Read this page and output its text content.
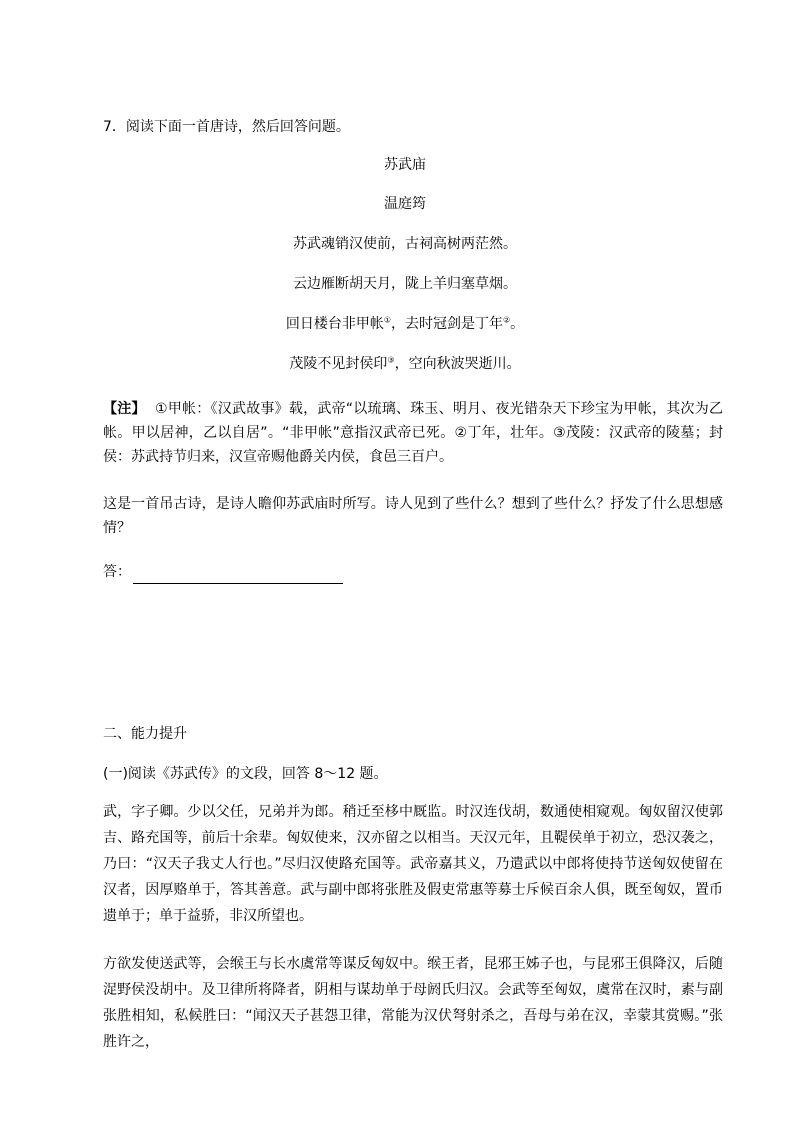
7．阅读下面一首唐诗，然后回答问题。
苏武庙
温庭筠
苏武魂销汉使前，古祠高树两茫然。
云边雁断胡天月，陇上羊归塞草烟。
回日楼台非甲帐①，去时冠剑是丁年②。
茂陵不见封侯印③，空向秋波哭逝川。
【注】 ①甲帐：《汉武故事》载，武帝“以琉璃、珠玉、明月、夜光错杂天下珍宝为甲帐，其次为乙帐。甲以居神，乙以自居”。“非甲帐”意指汉武帝已死。②丁年，壮年。③茂陵：汉武帝的陵墓；封侯：苏武持节归来，汉宣帝赐他爵关内侯，食邑三百户。
这是一首吊古诗，是诗人瞻仰苏武庙时所写。诗人见到了些什么？想到了些什么？抒发了什么思想感情？
答：
二、能力提升
(一)阅读《苏武传》的文段，回答 8～12 题。
武，字子卿。少以父任，兄弟并为郎。稍迁至栘中厩监。时汉连伐胡，数通使相窥观。匈奴留汉使郭吉、路充国等，前后十余辈。匈奴使来，汉亦留之以相当。天汉元年，且鞮侯单于初立，恐汉袭之，乃曰：“汉天子我丈人行也。”尽归汉使路充国等。武帝嘉其义，乃遣武以中郎将使持节送匈奴使留在汉者，因厚赂单于，答其善意。武与副中郎将张胜及假吏常惠等募士斥候百余人俱，既至匈奴，置币遗单于；单于益骄，非汉所望也。
方欲发使送武等，会缑王与长水虞常等谋反匈奴中。缑王者，昆邪王姊子也，与昆邪王俱降汉，后随浞野侯没胡中。及卫律所将降者，阴相与谋劫单于母阏氏归汉。会武等至匈奴，虞常在汉时，素与副张胜相知，私候胜曰：“闻汉天子甚怨卫律，常能为汉伏弩射杀之，吾母与弟在汉，幸蒙其赏赐。”张胜许之，
